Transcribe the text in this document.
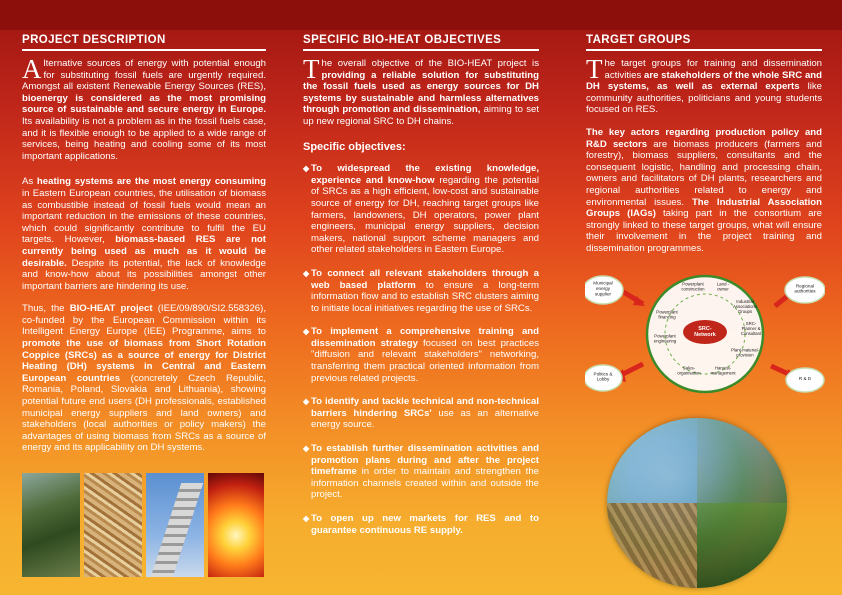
PROJECT DESCRIPTION

Alternative sources of energy with potential enough for substituting fossil fuels are urgently required. Amongst all existent Renewable Energy Sources (RES), bioenergy is considered as the most promising source of sustainable and secure energy in Europe. Its availability is not a problem as in the fossil fuels case, and it is flexible enough to be applied to a wide range of services, being heating and cooling some of its most important applications.

As heating systems are the most energy consuming in Eastern European countries, the utilisation of biomass as combustible instead of fossil fuels would mean an important reduction in the emissions of these countries, which could significantly contribute to fulfil the EU targets. However, biomass-based RES are not currently being used as much as it would be desirable. Despite its potential, the lack of knowledge and know-how about its possibilities amongst other important barriers are hindering its use.

Thus, the BIO-HEAT project (IEE/09/890/SI2.558326), co-funded by the European Commission within its Intelligent Energy Europe (IEE) Programme, aims to promote the use of biomass from Short Rotation Coppice (SRCs) as a source of energy for District Heating (DH) systems in Central and Eastern European countries (concretely Czech Republic, Romania, Poland, Slovakia and Lithuania), showing potential future end users (DH professionals, established municipal energy suppliers and land owners) and stakeholders (local authorities or policy makers) the advantages of using biomass from SRCs as a source of energy and its applicability on DH systems.

SPECIFIC BIO-HEAT OBJECTIVES

The overall objective of the BIO-HEAT project is providing a reliable solution for substituting the fossil fuels used as energy sources for DH systems by sustainable and harmless alternatives through promotion and dissemination, aiming to set up new regional SRC to DH chains.

Specific objectives:
◆ To widespread the existing knowledge, experience and know-how regarding the potential of SRCs as a high efficient, low-cost and sustainable source of energy for DH, reaching target groups like farmers, landowners, DH operators, power plant engineers, municipal energy suppliers, decision makers, national support scheme managers and other related stakeholders in Eastern Europe.
◆ To connect all relevant stakeholders through a web based platform to ensure a long-term information flow and to establish SRC clusters aiming to initiate local initiatives regarding the use of SRCs.
◆ To implement a comprehensive training and dissemination strategy focused on best practices "diffusion and relevant stakeholders" networking, transferring them practical oriented information from previous related projects.
◆ To identify and tackle technical and non-technical barriers hindering SRCs' use as an alternative energy source.
◆ To establish further dissemination activities and promotion plans during and after the project timeframe in order to maintain and strengthen the information channels created within and outside the project.
◆ To open up new markets for RES and to guarantee continuous RE supply.
TARGET GROUPS

The target groups for training and dissemination activities are stakeholders of the whole SRC and DH systems, as well as external experts like community authorities, politicians and young students focused on RES.

The key actors regarding production policy and R&D sectors are biomass producers (farmers and forestry), biomass suppliers, consultants and the consequent logistic, handling and processing chain, owners and facilitators of DH plants, researchers and regional authorities related to energy and environmental issues. The Industrial Association Groups (IAGs) taking part in the consortium are strongly linked to these target groups, what will ensure their involvement in the project training and dissemination programmes.

SRC-Network
Powerplant construction
Land -owner
Industrial Associations Groups
SRC-Planner & Consultant
Plant-material-provision
Harvest-management
Sales-organisation
Powerplant engineering
Powerplant financing
Municipal energy supplier
Regional authorities
Politics & Lobby	R & D
